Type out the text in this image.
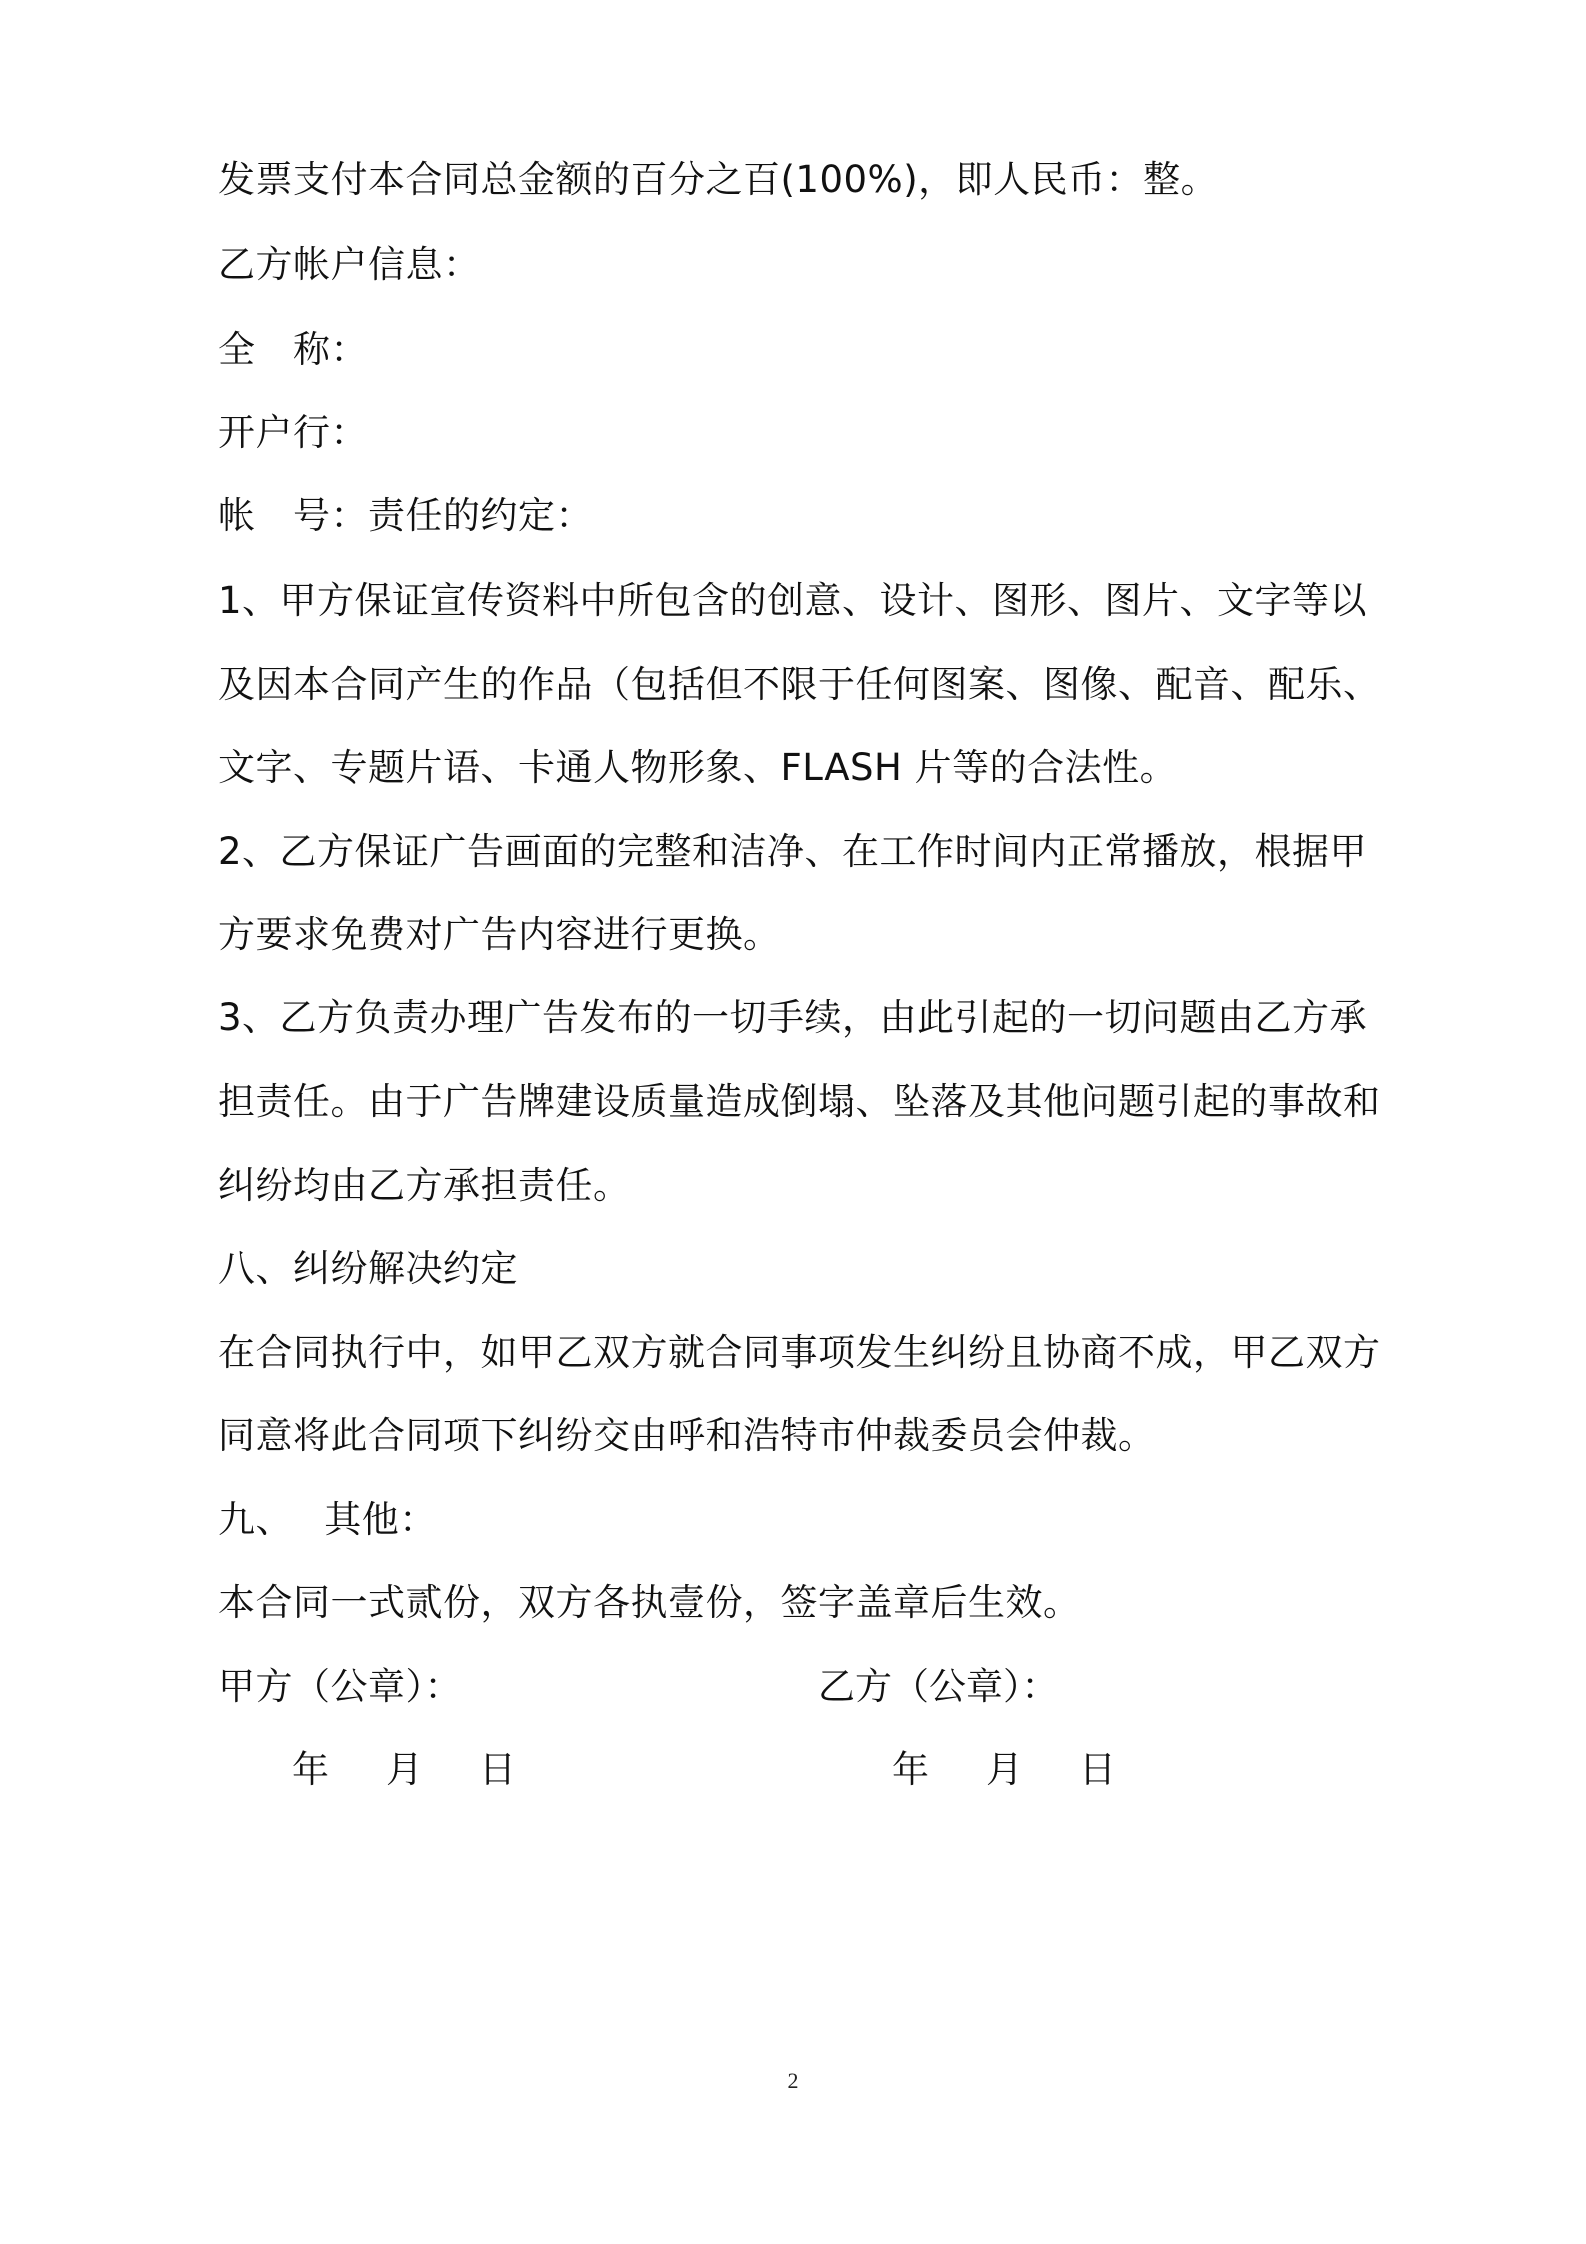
发票支付本合同总金额的百分之百(100%)，即人民币：整。
乙方帐户信息：
全　称：
开户行：
帐　号：责任的约定：
1、甲方保证宣传资料中所包含的创意、设计、图形、图片、文字等以
及因本合同产生的作品（包括但不限于任何图案、图像、配音、配乐、
文字、专题片语、卡通人物形象、FLASH 片等的合法性。
2、乙方保证广告画面的完整和洁净、在工作时间内正常播放，根据甲
方要求免费对广告内容进行更换。
3、乙方负责办理广告发布的一切手续，由此引起的一切问题由乙方承
担责任。由于广告牌建设质量造成倒塌、坠落及其他问题引起的事故和
纠纷均由乙方承担责任。
八、纠纷解决约定
在合同执行中，如甲乙双方就合同事项发生纠纷且协商不成，甲乙双方
同意将此合同项下纠纷交由呼和浩特市仲裁委员会仲裁。
九、　 其他：
本合同一式贰份，双方各执壹份，签字盖章后生效。
甲方（公章）：	乙方（公章）：
年 月 日	年 月 日
2
